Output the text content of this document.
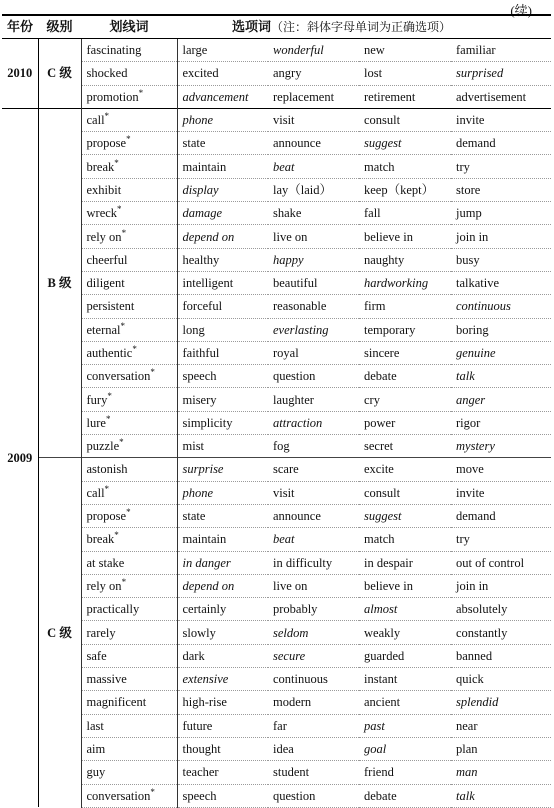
(续)
年份	级别	划线词	选项词（注：斜体字母单词为正确选项）			
2010	C 级	fascinating	large	wonderful	new	familiar
		shocked	excited	angry	lost	surprised
		promotion*	advancement	replacement	retirement	advertisement
2009	B 级	call*	phone	visit	consult	invite
		propose*	state	announce	suggest	demand
		break*	maintain	beat	match	try
		exhibit	display	lay（laid）	keep（kept）	store
		wreck*	damage	shake	fall	jump
		rely on*	depend on	live on	believe in	join in
		cheerful	healthy	happy	naughty	busy
		diligent	intelligent	beautiful	hardworking	talkative
		persistent	forceful	reasonable	firm	continuous
		eternal*	long	everlasting	temporary	boring
		authentic*	faithful	royal	sincere	genuine
		conversation*	speech	question	debate	talk
		fury*	misery	laughter	cry	anger
		lure*	simplicity	attraction	power	rigor
		puzzle*	mist	fog	secret	mystery
	C 级	astonish	surprise	scare	excite	move
		call*	phone	visit	consult	invite
		propose*	state	announce	suggest	demand
		break*	maintain	beat	match	try
		at stake	in danger	in difficulty	in despair	out of control
		rely on*	depend on	live on	believe in	join in
		practically	certainly	probably	almost	absolutely
		rarely	slowly	seldom	weakly	constantly
		safe	dark	secure	guarded	banned
		massive	extensive	continuous	instant	quick
		magnificent	high-rise	modern	ancient	splendid
		last	future	far	past	near
		aim	thought	idea	goal	plan
		guy	teacher	student	friend	man
		conversation*	speech	question	debate	talk
